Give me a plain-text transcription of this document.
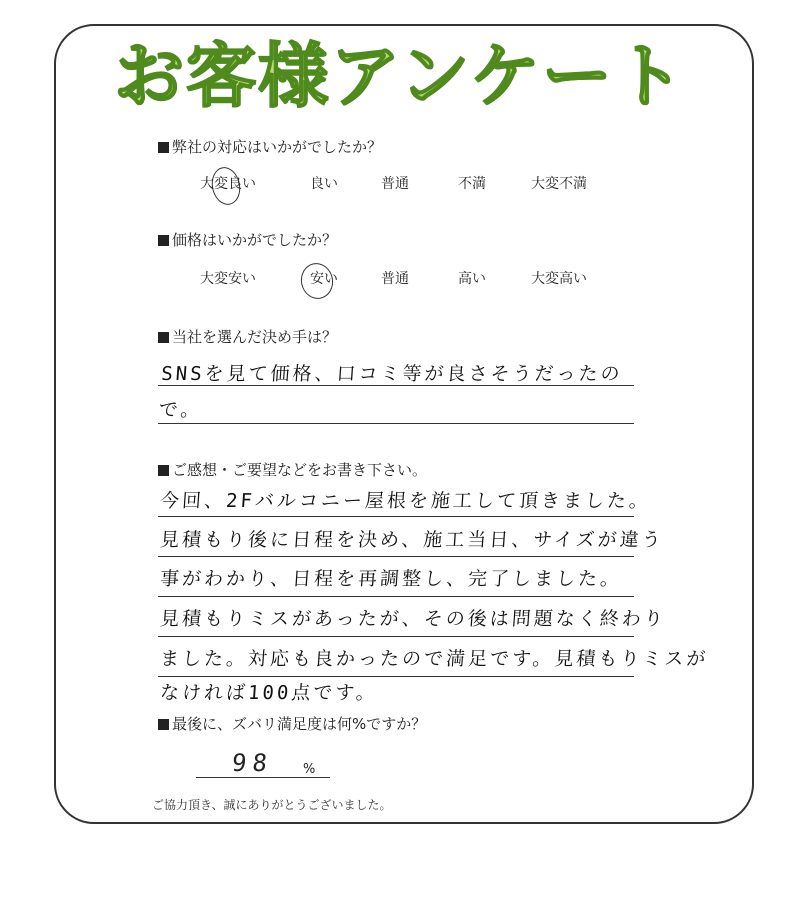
お客様アンケート
弊社の対応はいかがでしたか？
大変良い	良い	普通	不満	大変不満
価格はいかがでしたか？
大変安い	安い	普通	高い	大変高い
当社を選んだ決め手は？
SNSを見て価格、口コミ等が良さそうだったので。
ご感想・ご要望などをお書き下さい。
今回、2Fバルコニー屋根を施工して頂きました。
見積もり後に日程を決め、施工当日、サイズが違う
事がわかり、日程を再調整し、完了しました。
見積もりミスがあったが、その後は問題なく終わり
ました。対応も良かったので満足です。見積もりミスが
なければ100点です。
最後に、ズバリ満足度は何%ですか？
98 %
ご協力頂き、誠にありがとうございました。
